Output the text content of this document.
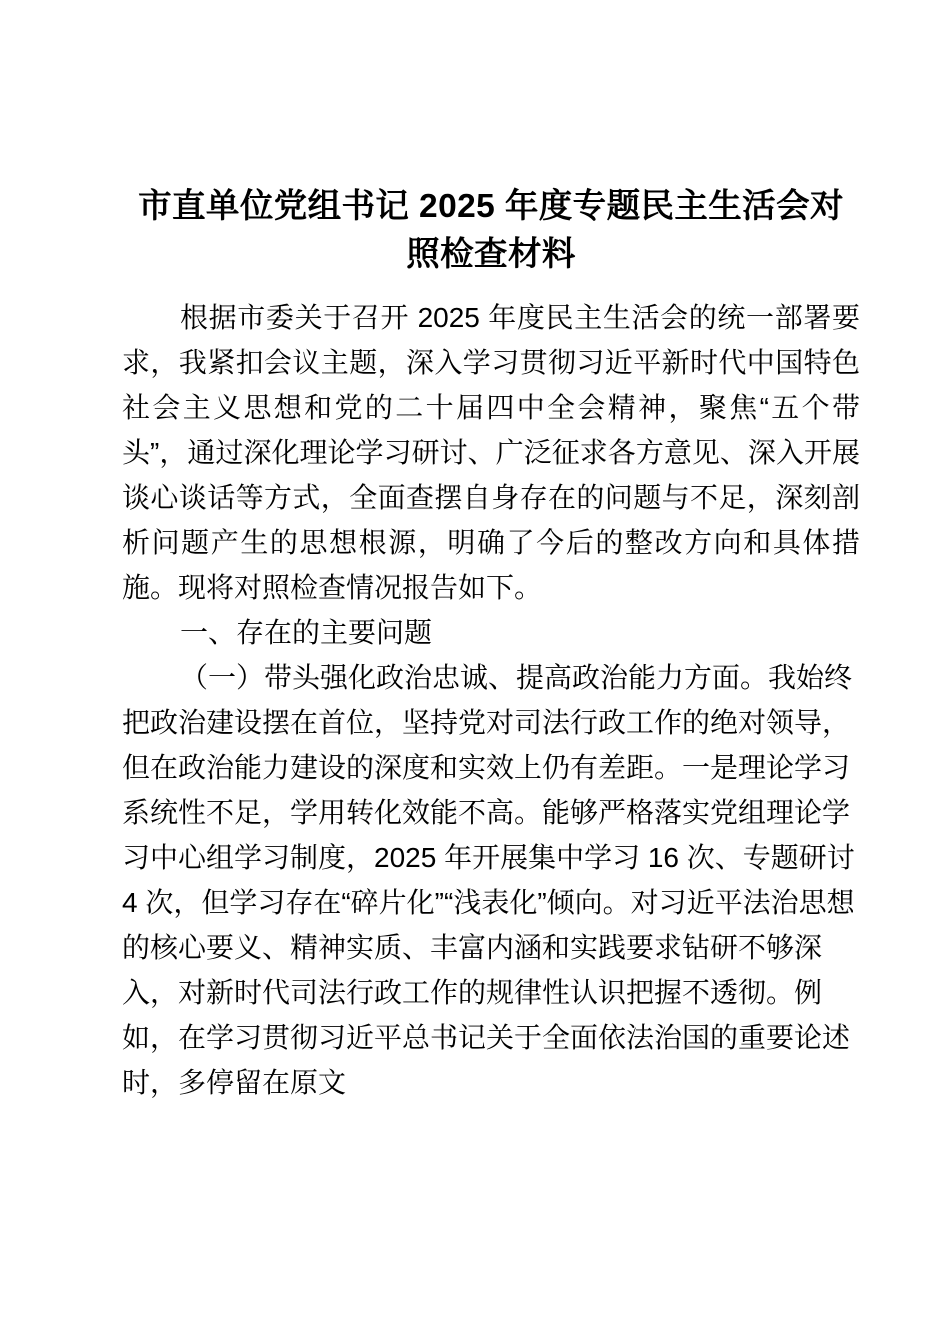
市直单位党组书记 2025 年度专题民主生活会对照检查材料

根据市委关于召开 2025 年度民主生活会的统一部署要求，我紧扣会议主题，深入学习贯彻习近平新时代中国特色社会主义思想和党的二十届四中全会精神，聚焦“五个带头”，通过深化理论学习研讨、广泛征求各方意见、深入开展谈心谈话等方式，全面查摆自身存在的问题与不足，深刻剖析问题产生的思想根源，明确了今后的整改方向和具体措施。现将对照检查情况报告如下。

一、存在的主要问题

（一）带头强化政治忠诚、提高政治能力方面。我始终把政治建设摆在首位，坚持党对司法行政工作的绝对领导，但在政治能力建设的深度和实效上仍有差距。一是理论学习系统性不足，学用转化效能不高。能够严格落实党组理论学习中心组学习制度，2025 年开展集中学习 16 次、专题研讨 4 次，但学习存在“碎片化”“浅表化”倾向。对习近平法治思想的核心要义、精神实质、丰富内涵和实践要求钻研不够深入，对新时代司法行政工作的规律性认识把握不透彻。例如，在学习贯彻习近平总书记关于全面依法治国的重要论述时，多停留在原文
